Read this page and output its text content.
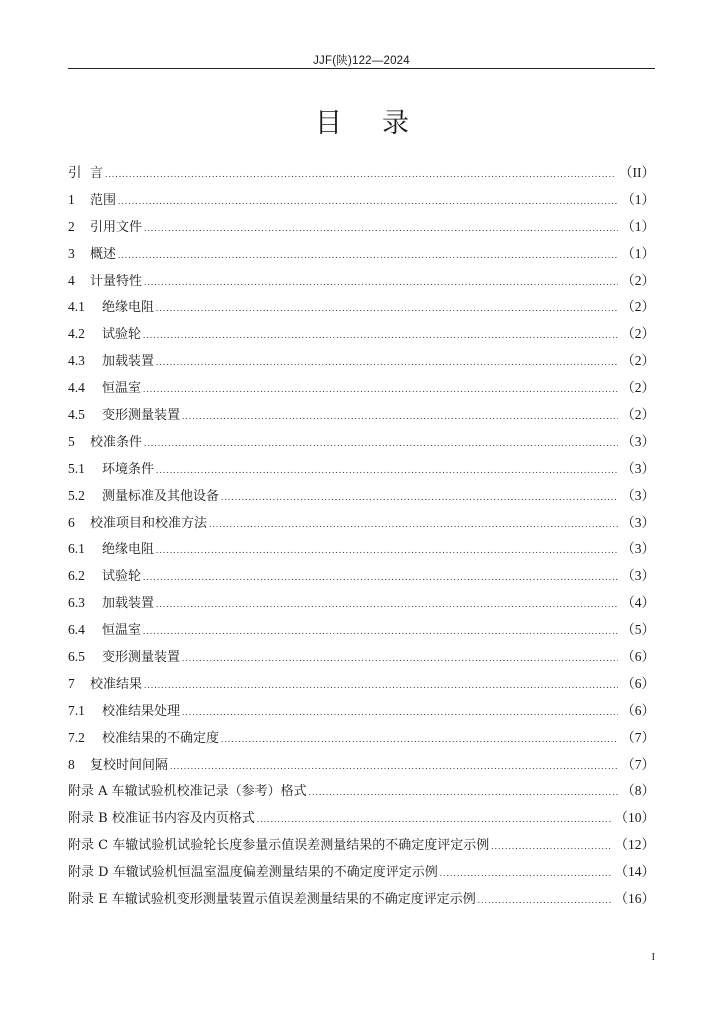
JJF(陕)122—2024
目录
引 言 .....	（II）
1	范围 .....	（1）
2	引用文件 .....	（1）
3	概述 .....	（1）
4	计量特性 .....	（2）
4.1	绝缘电阻 .....	（2）
4.2	试验轮 .....	（2）
4.3	加载装置 .....	（2）
4.4	恒温室 .....	（2）
4.5	变形测量装置 .....	（2）
5	校准条件 .....	（3）
5.1	环境条件 .....	（3）
5.2	测量标准及其他设备 .....	（3）
6	校准项目和校准方法 .....	（3）
6.1	绝缘电阻 .....	（3）
6.2	试验轮 .....	（3）
6.3	加载装置 .....	（4）
6.4	恒温室 .....	（5）
6.5	变形测量装置 .....	（6）
7	校准结果 .....	（6）
7.1	校准结果处理 .....	（6）
7.2	校准结果的不确定度 .....	（7）
8	复校时间间隔 .....	（7）
附录 A 车辙试验机校准记录（参考）格式 .....	（8）
附录 B 校准证书内容及内页格式 .....	（10）
附录 C 车辙试验机试验轮长度参量示值误差测量结果的不确定度评定示例 .....	（12）
附录 D 车辙试验机恒温室温度偏差测量结果的不确定度评定示例 .....	（14）
附录 E 车辙试验机变形测量装置示值误差测量结果的不确定度评定示例 .....	（16）
I
